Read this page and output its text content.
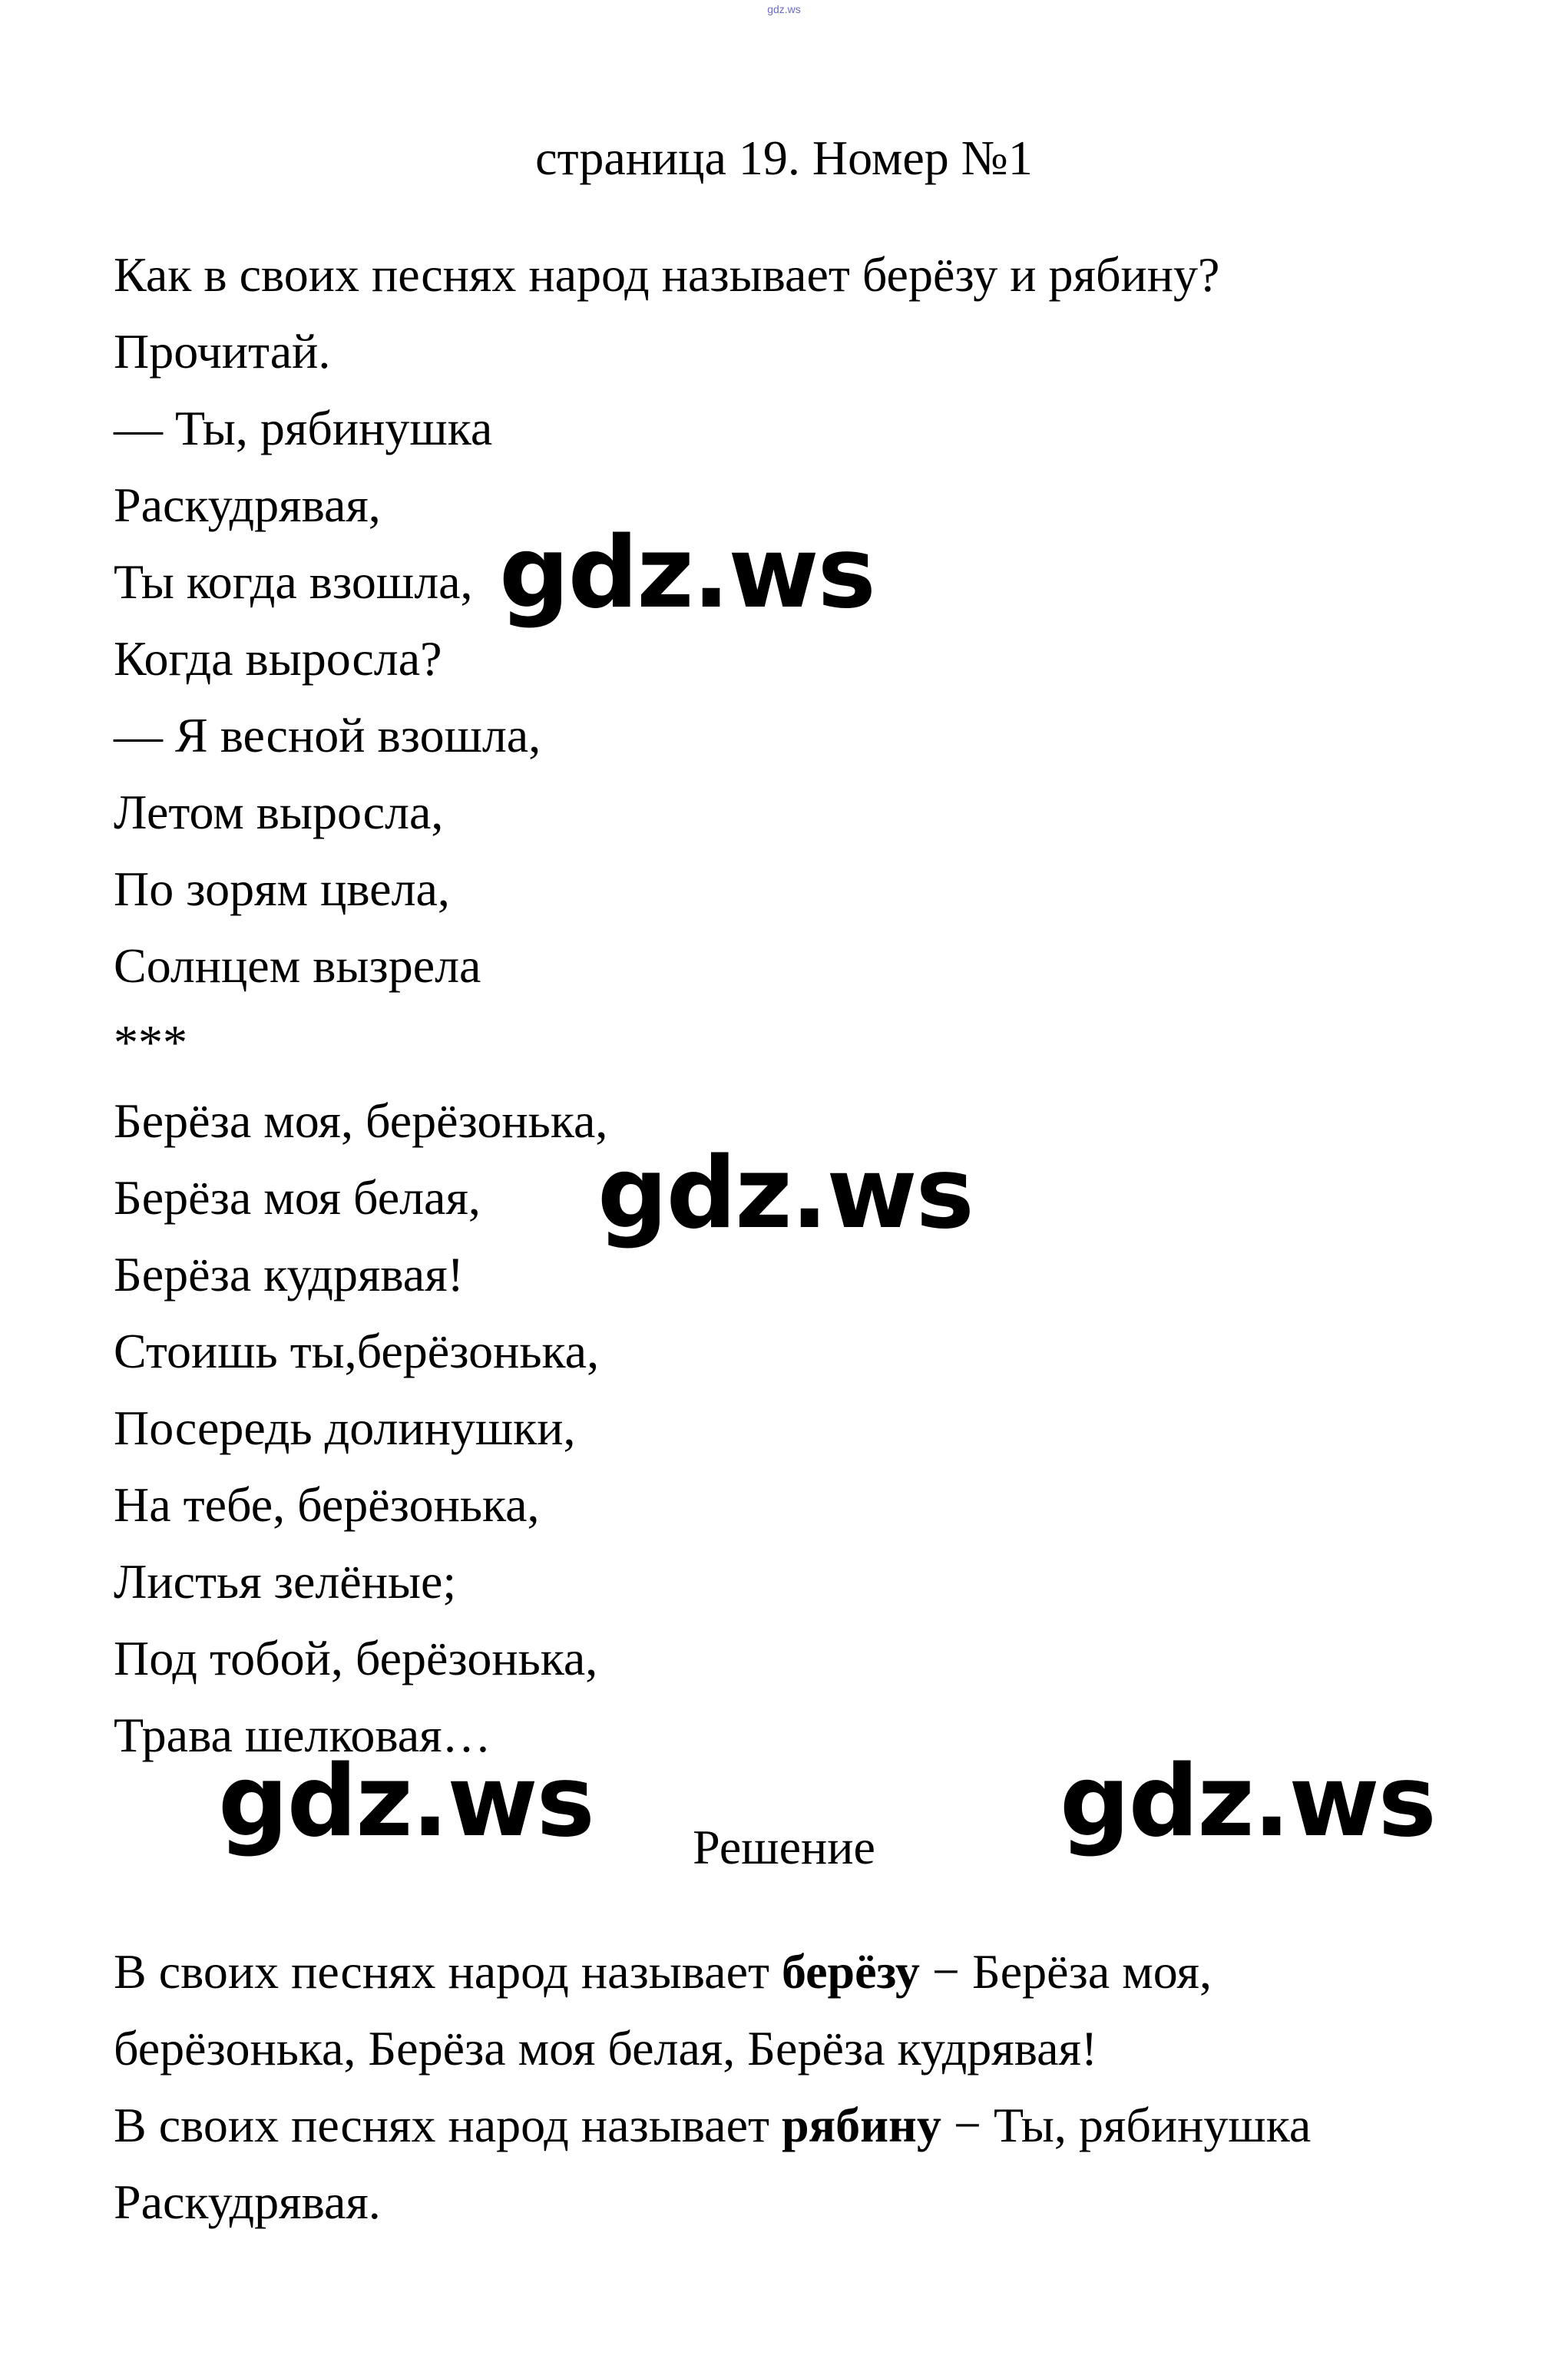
gdz.ws
страница 19. Номер №1
Как в своих песнях народ называет берёзу и рябину?
Прочитай.
— Ты, рябинушка
Раскудрявая,
Ты когда взошла,
Когда выросла?
— Я весной взошла,
Летом выросла,
По зорям цвела,
Солнцем вызрела
***
Берёза моя, берёзонька,
Берёза моя белая,
Берёза кудрявая!
Стоишь ты,берёзонька,
Посередь долинушки,
На тебе, берёзонька,
Листья зелёные;
Под тобой, берёзонька,
Трава шелковая…
Решение
В своих песнях народ называет берёзу − Берёза моя,
берёзонька, Берёза моя белая, Берёза кудрявая!
В своих песнях народ называет рябину − Ты, рябинушка
Раскудрявая.
gdz.ws
gdz.ws
gdz.ws	gdz.ws
